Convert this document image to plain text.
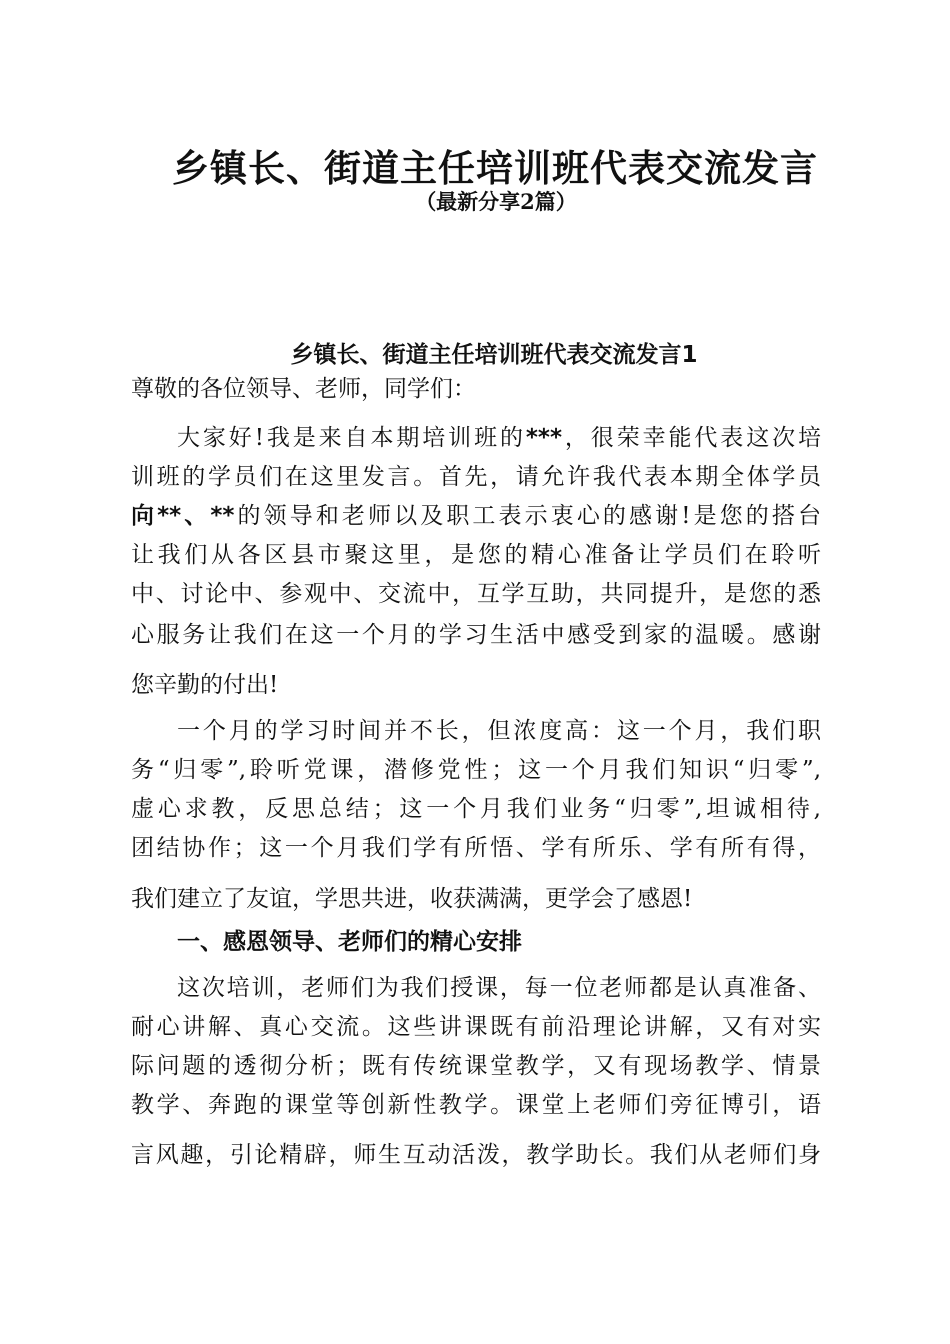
乡镇长、街道主任培训班代表交流发言
（最新分享2篇）
乡镇长、街道主任培训班代表交流发言1
尊敬的各位领导、老师，同学们：
大家好!我是来自本期培训班的***，很荣幸能代表这次培
训班的学员们在这里发言。首先，请允许我代表本期全体学员
向**、**的领导和老师以及职工表示衷心的感谢!是您的搭台
让我们从各区县市聚这里，是您的精心准备让学员们在聆听
中、讨论中、参观中、交流中，互学互助，共同提升，是您的悉
心服务让我们在这一个月的学习生活中感受到家的温暖。感谢
您辛勤的付出!
一个月的学习时间并不长，但浓度高：这一个月，我们职
务“归零”,聆听党课，潜修党性；这一个月我们知识“归零”,
虚心求教，反思总结；这一个月我们业务“归零”,坦诚相待,
团结协作；这一个月我们学有所悟、学有所乐、学有所有得，
我们建立了友谊，学思共进，收获满满，更学会了感恩!
一、感恩领导、老师们的精心安排
这次培训，老师们为我们授课，每一位老师都是认真准备、
耐心讲解、真心交流。这些讲课既有前沿理论讲解，又有对实
际问题的透彻分析；既有传统课堂教学，又有现场教学、情景
教学、奔跑的课堂等创新性教学。课堂上老师们旁征博引，语
言风趣，引论精辟，师生互动活泼，教学助长。我们从老师们身
